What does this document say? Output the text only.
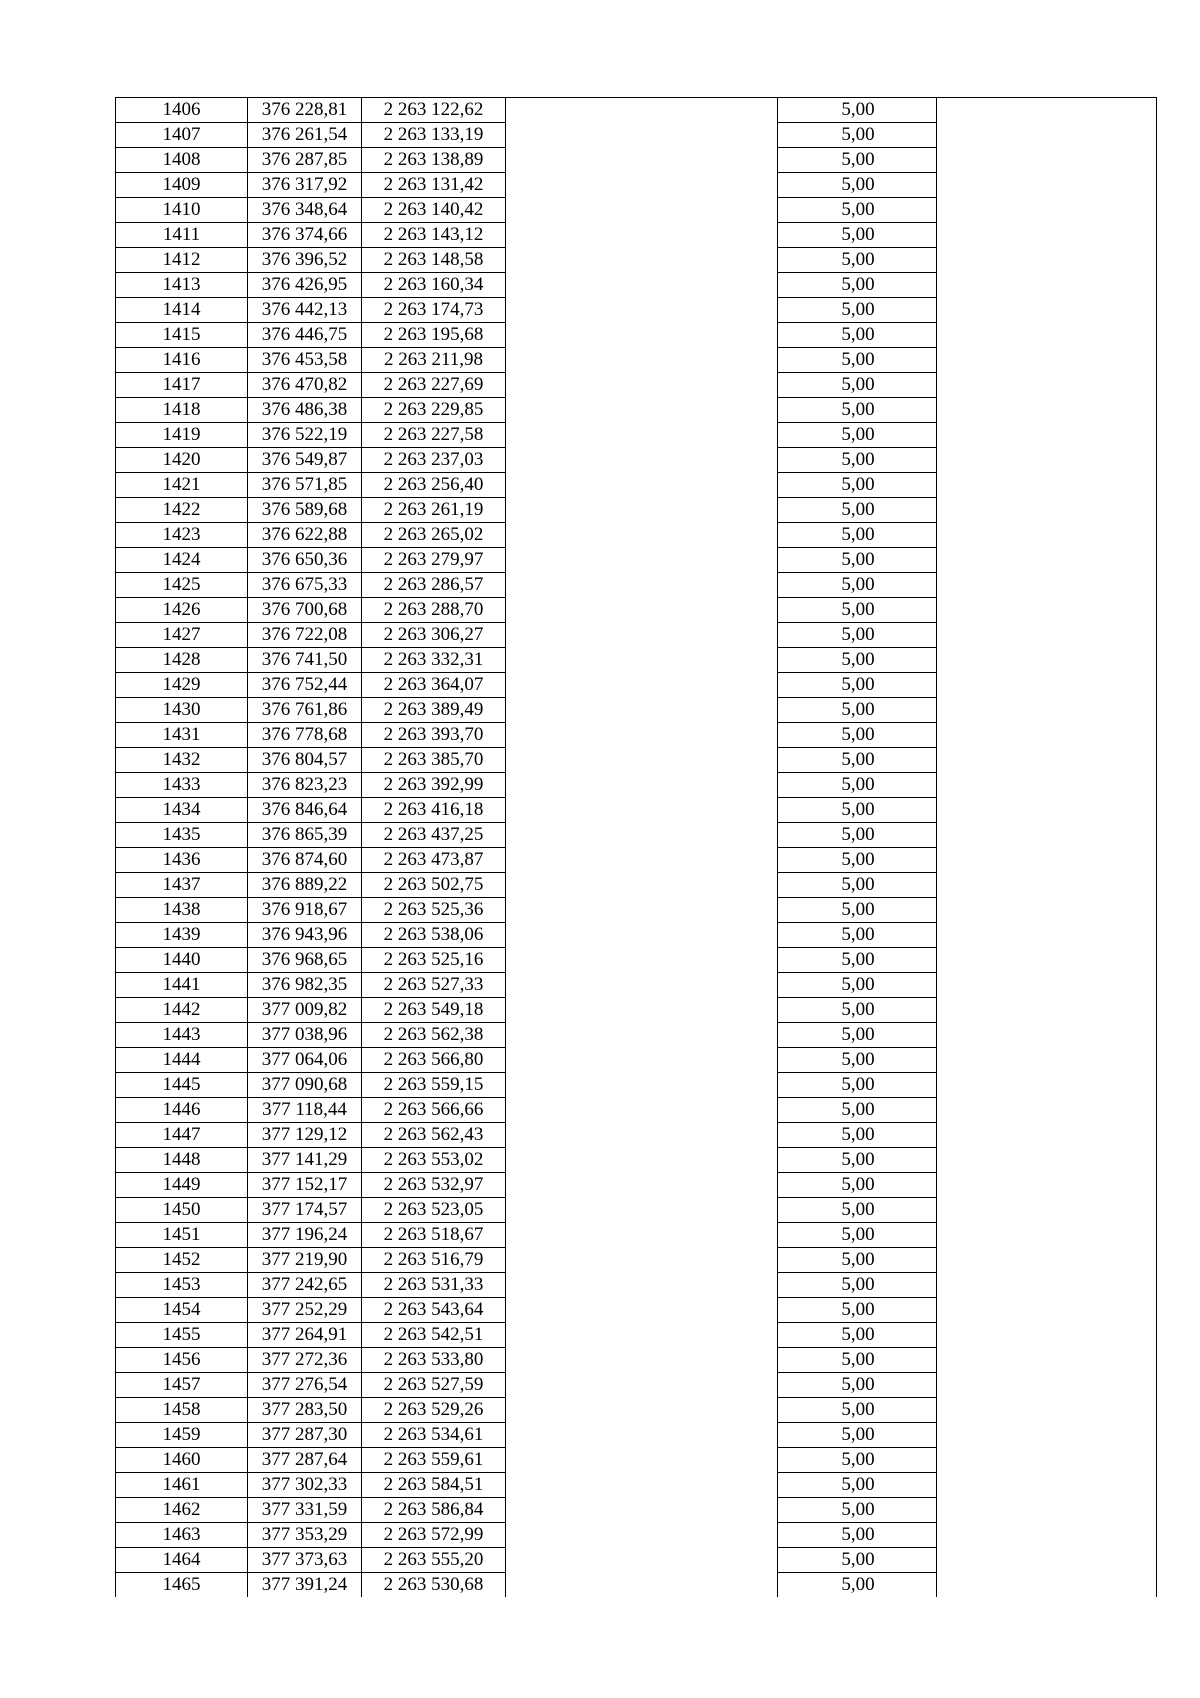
1406	376 228,81	2 263 122,62		5,00	
1407	376 261,54	2 263 133,19		5,00	
1408	376 287,85	2 263 138,89		5,00	
1409	376 317,92	2 263 131,42		5,00	
1410	376 348,64	2 263 140,42		5,00	
1411	376 374,66	2 263 143,12		5,00	
1412	376 396,52	2 263 148,58		5,00	
1413	376 426,95	2 263 160,34		5,00	
1414	376 442,13	2 263 174,73		5,00	
1415	376 446,75	2 263 195,68		5,00	
1416	376 453,58	2 263 211,98		5,00	
1417	376 470,82	2 263 227,69		5,00	
1418	376 486,38	2 263 229,85		5,00	
1419	376 522,19	2 263 227,58		5,00	
1420	376 549,87	2 263 237,03		5,00	
1421	376 571,85	2 263 256,40		5,00	
1422	376 589,68	2 263 261,19		5,00	
1423	376 622,88	2 263 265,02		5,00	
1424	376 650,36	2 263 279,97		5,00	
1425	376 675,33	2 263 286,57		5,00	
1426	376 700,68	2 263 288,70		5,00	
1427	376 722,08	2 263 306,27		5,00	
1428	376 741,50	2 263 332,31		5,00	
1429	376 752,44	2 263 364,07		5,00	
1430	376 761,86	2 263 389,49		5,00	
1431	376 778,68	2 263 393,70		5,00	
1432	376 804,57	2 263 385,70		5,00	
1433	376 823,23	2 263 392,99		5,00	
1434	376 846,64	2 263 416,18		5,00	
1435	376 865,39	2 263 437,25		5,00	
1436	376 874,60	2 263 473,87		5,00	
1437	376 889,22	2 263 502,75		5,00	
1438	376 918,67	2 263 525,36		5,00	
1439	376 943,96	2 263 538,06		5,00	
1440	376 968,65	2 263 525,16		5,00	
1441	376 982,35	2 263 527,33		5,00	
1442	377 009,82	2 263 549,18		5,00	
1443	377 038,96	2 263 562,38		5,00	
1444	377 064,06	2 263 566,80		5,00	
1445	377 090,68	2 263 559,15		5,00	
1446	377 118,44	2 263 566,66		5,00	
1447	377 129,12	2 263 562,43		5,00	
1448	377 141,29	2 263 553,02		5,00	
1449	377 152,17	2 263 532,97		5,00	
1450	377 174,57	2 263 523,05		5,00	
1451	377 196,24	2 263 518,67		5,00	
1452	377 219,90	2 263 516,79		5,00	
1453	377 242,65	2 263 531,33		5,00	
1454	377 252,29	2 263 543,64		5,00	
1455	377 264,91	2 263 542,51		5,00	
1456	377 272,36	2 263 533,80		5,00	
1457	377 276,54	2 263 527,59		5,00	
1458	377 283,50	2 263 529,26		5,00	
1459	377 287,30	2 263 534,61		5,00	
1460	377 287,64	2 263 559,61		5,00	
1461	377 302,33	2 263 584,51		5,00	
1462	377 331,59	2 263 586,84		5,00	
1463	377 353,29	2 263 572,99		5,00	
1464	377 373,63	2 263 555,20		5,00	
1465	377 391,24	2 263 530,68		5,00	
